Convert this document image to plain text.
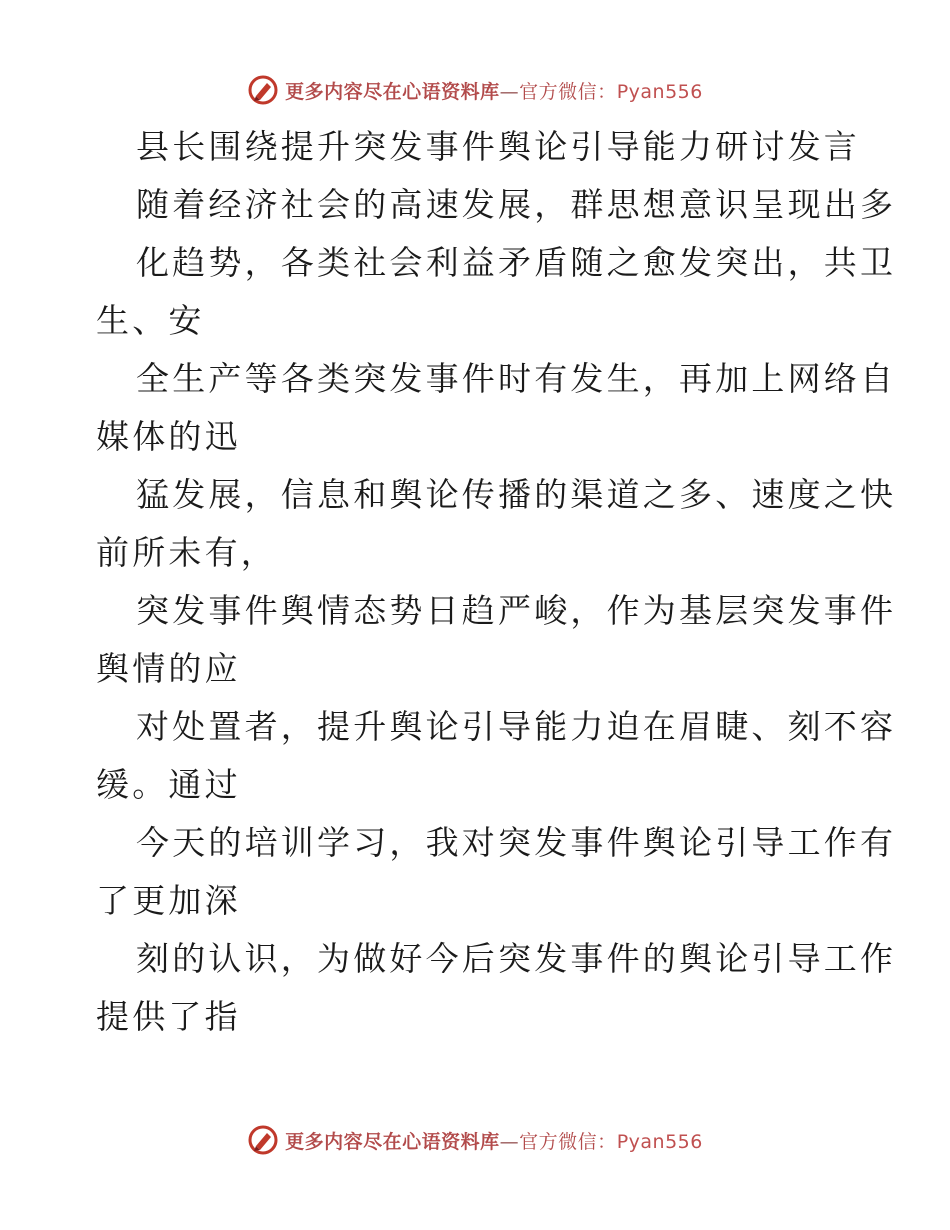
更多内容尽在心语资料库—官方微信：Pyan556
县长围绕提升突发事件舆论引导能力研讨发言
随着经济社会的高速发展，群思想意识呈现出多
化趋势，各类社会利益矛盾随之愈发突出，共卫
生、安
全生产等各类突发事件时有发生，再加上网络自
媒体的迅
猛发展，信息和舆论传播的渠道之多、速度之快
前所未有，
突发事件舆情态势日趋严峻，作为基层突发事件
舆情的应
对处置者，提升舆论引导能力迫在眉睫、刻不容
缓。通过
今天的培训学习，我对突发事件舆论引导工作有
了更加深
刻的认识，为做好今后突发事件的舆论引导工作
提供了指
更多内容尽在心语资料库—官方微信：Pyan556
